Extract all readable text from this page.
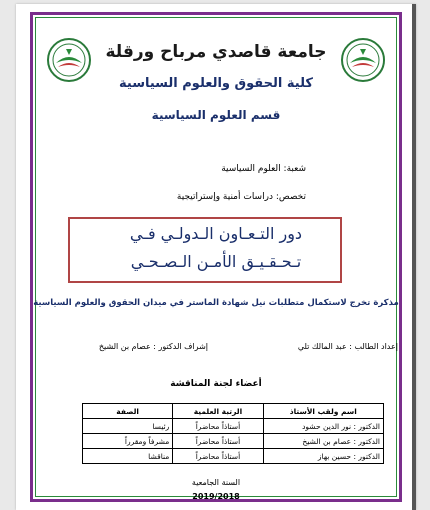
جامعة قاصدي مرباح ورقلة
كلية الحقوق والعلوم السياسية
قسم العلوم السياسية
شعبة: العلوم السياسية
تخصص: دراسات أمنية وإستراتيجية
دور التـعـاون الـدولـي فـي
تـحـقـيـق الأمـن الـصـحـي
مذكرة تخرج لاستكمال متطلبات نيل شهادة الماستر في ميدان الحقوق والعلوم السياسية
إعداد الطالب : عبد المالك تلي
إشراف الدكتور : عصام بن الشيخ
أعضاء لجنة المناقشة
اسم ولقب الأستاذ	الرتبة العلمية	الصفة
الدكتور : نور الدين حشود	أستاذاً محاضراً	رئيسا
الدكتور : عصام بن الشيخ	أستاذاً محاضراً	مشرفاً ومقرراً
الدكتور : حسين بهاز	أستاذاً محاضراً	مناقشا
السنة الجامعية
2019/2018
